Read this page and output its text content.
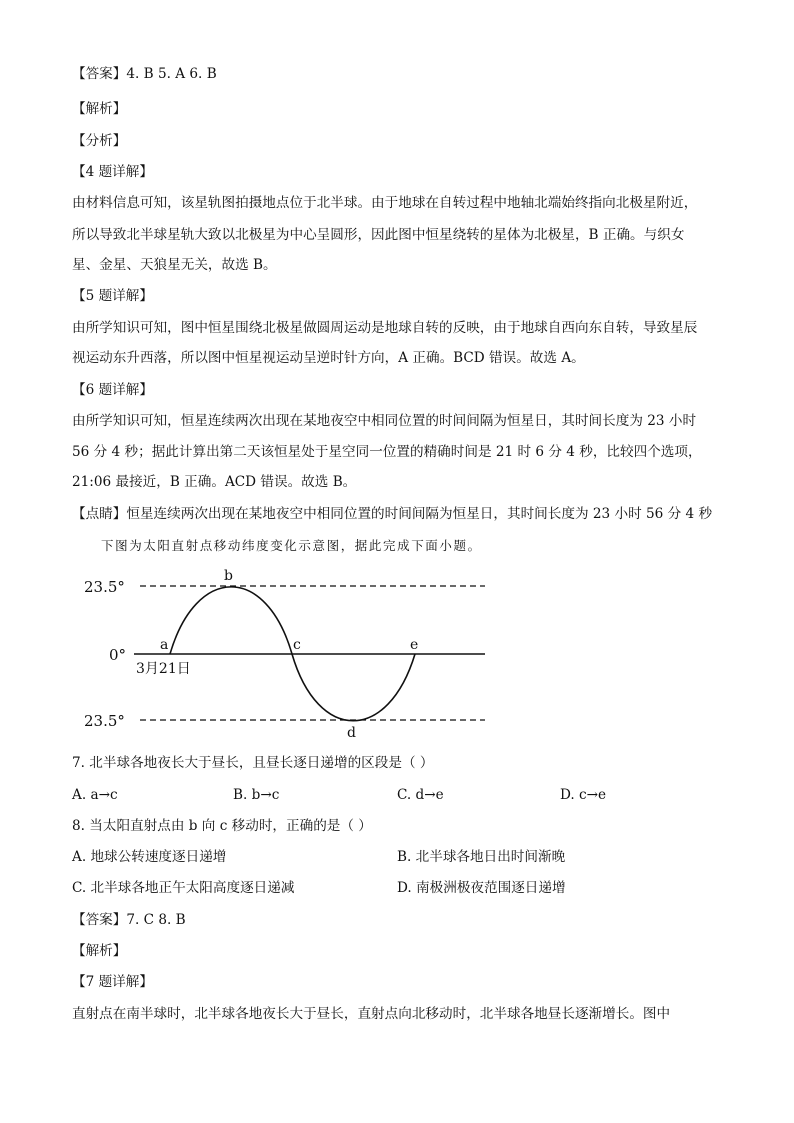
【答案】4. B 5. A 6. B
【解析】
【分析】
【4 题详解】
由材料信息可知，该星轨图拍摄地点位于北半球。由于地球在自转过程中地轴北端始终指向北极星附近，
所以导致北半球星轨大致以北极星为中心呈圆形，因此图中恒星绕转的星体为北极星，B 正确。与织女
星、金星、天狼星无关，故选 B。
【5 题详解】
由所学知识可知，图中恒星围绕北极星做圆周运动是地球自转的反映，由于地球自西向东自转，导致星辰
视运动东升西落，所以图中恒星视运动呈逆时针方向，A 正确。BCD 错误。故选 A。
【6 题详解】
由所学知识可知，恒星连续两次出现在某地夜空中相同位置的时间间隔为恒星日，其时间长度为 23 小时
56 分 4 秒；据此计算出第二天该恒星处于星空同一位置的精确时间是 21 时 6 分 4 秒，比较四个选项，
21:06 最接近，B 正确。ACD 错误。故选 B。
【点睛】恒星连续两次出现在某地夜空中相同位置的时间间隔为恒星日，其时间长度为 23 小时 56 分 4 秒
下图为太阳直射点移动纬度变化示意图，据此完成下面小题。
23.5°
0°
23.5°
3月21日
a
b
c
d
e
7. 北半球各地夜长大于昼长，且昼长逐日递增的区段是（ ）
A. a→c	B. b→c	C. d→e	D. c→e
8. 当太阳直射点由 b 向 c 移动时，正确的是（ ）
A. 地球公转速度逐日递增	B. 北半球各地日出时间渐晚
C. 北半球各地正午太阳高度逐日递减	D. 南极洲极夜范围逐日递增
【答案】7. C 8. B
【解析】
【7 题详解】
直射点在南半球时，北半球各地夜长大于昼长，直射点向北移动时，北半球各地昼长逐渐增长。图中
